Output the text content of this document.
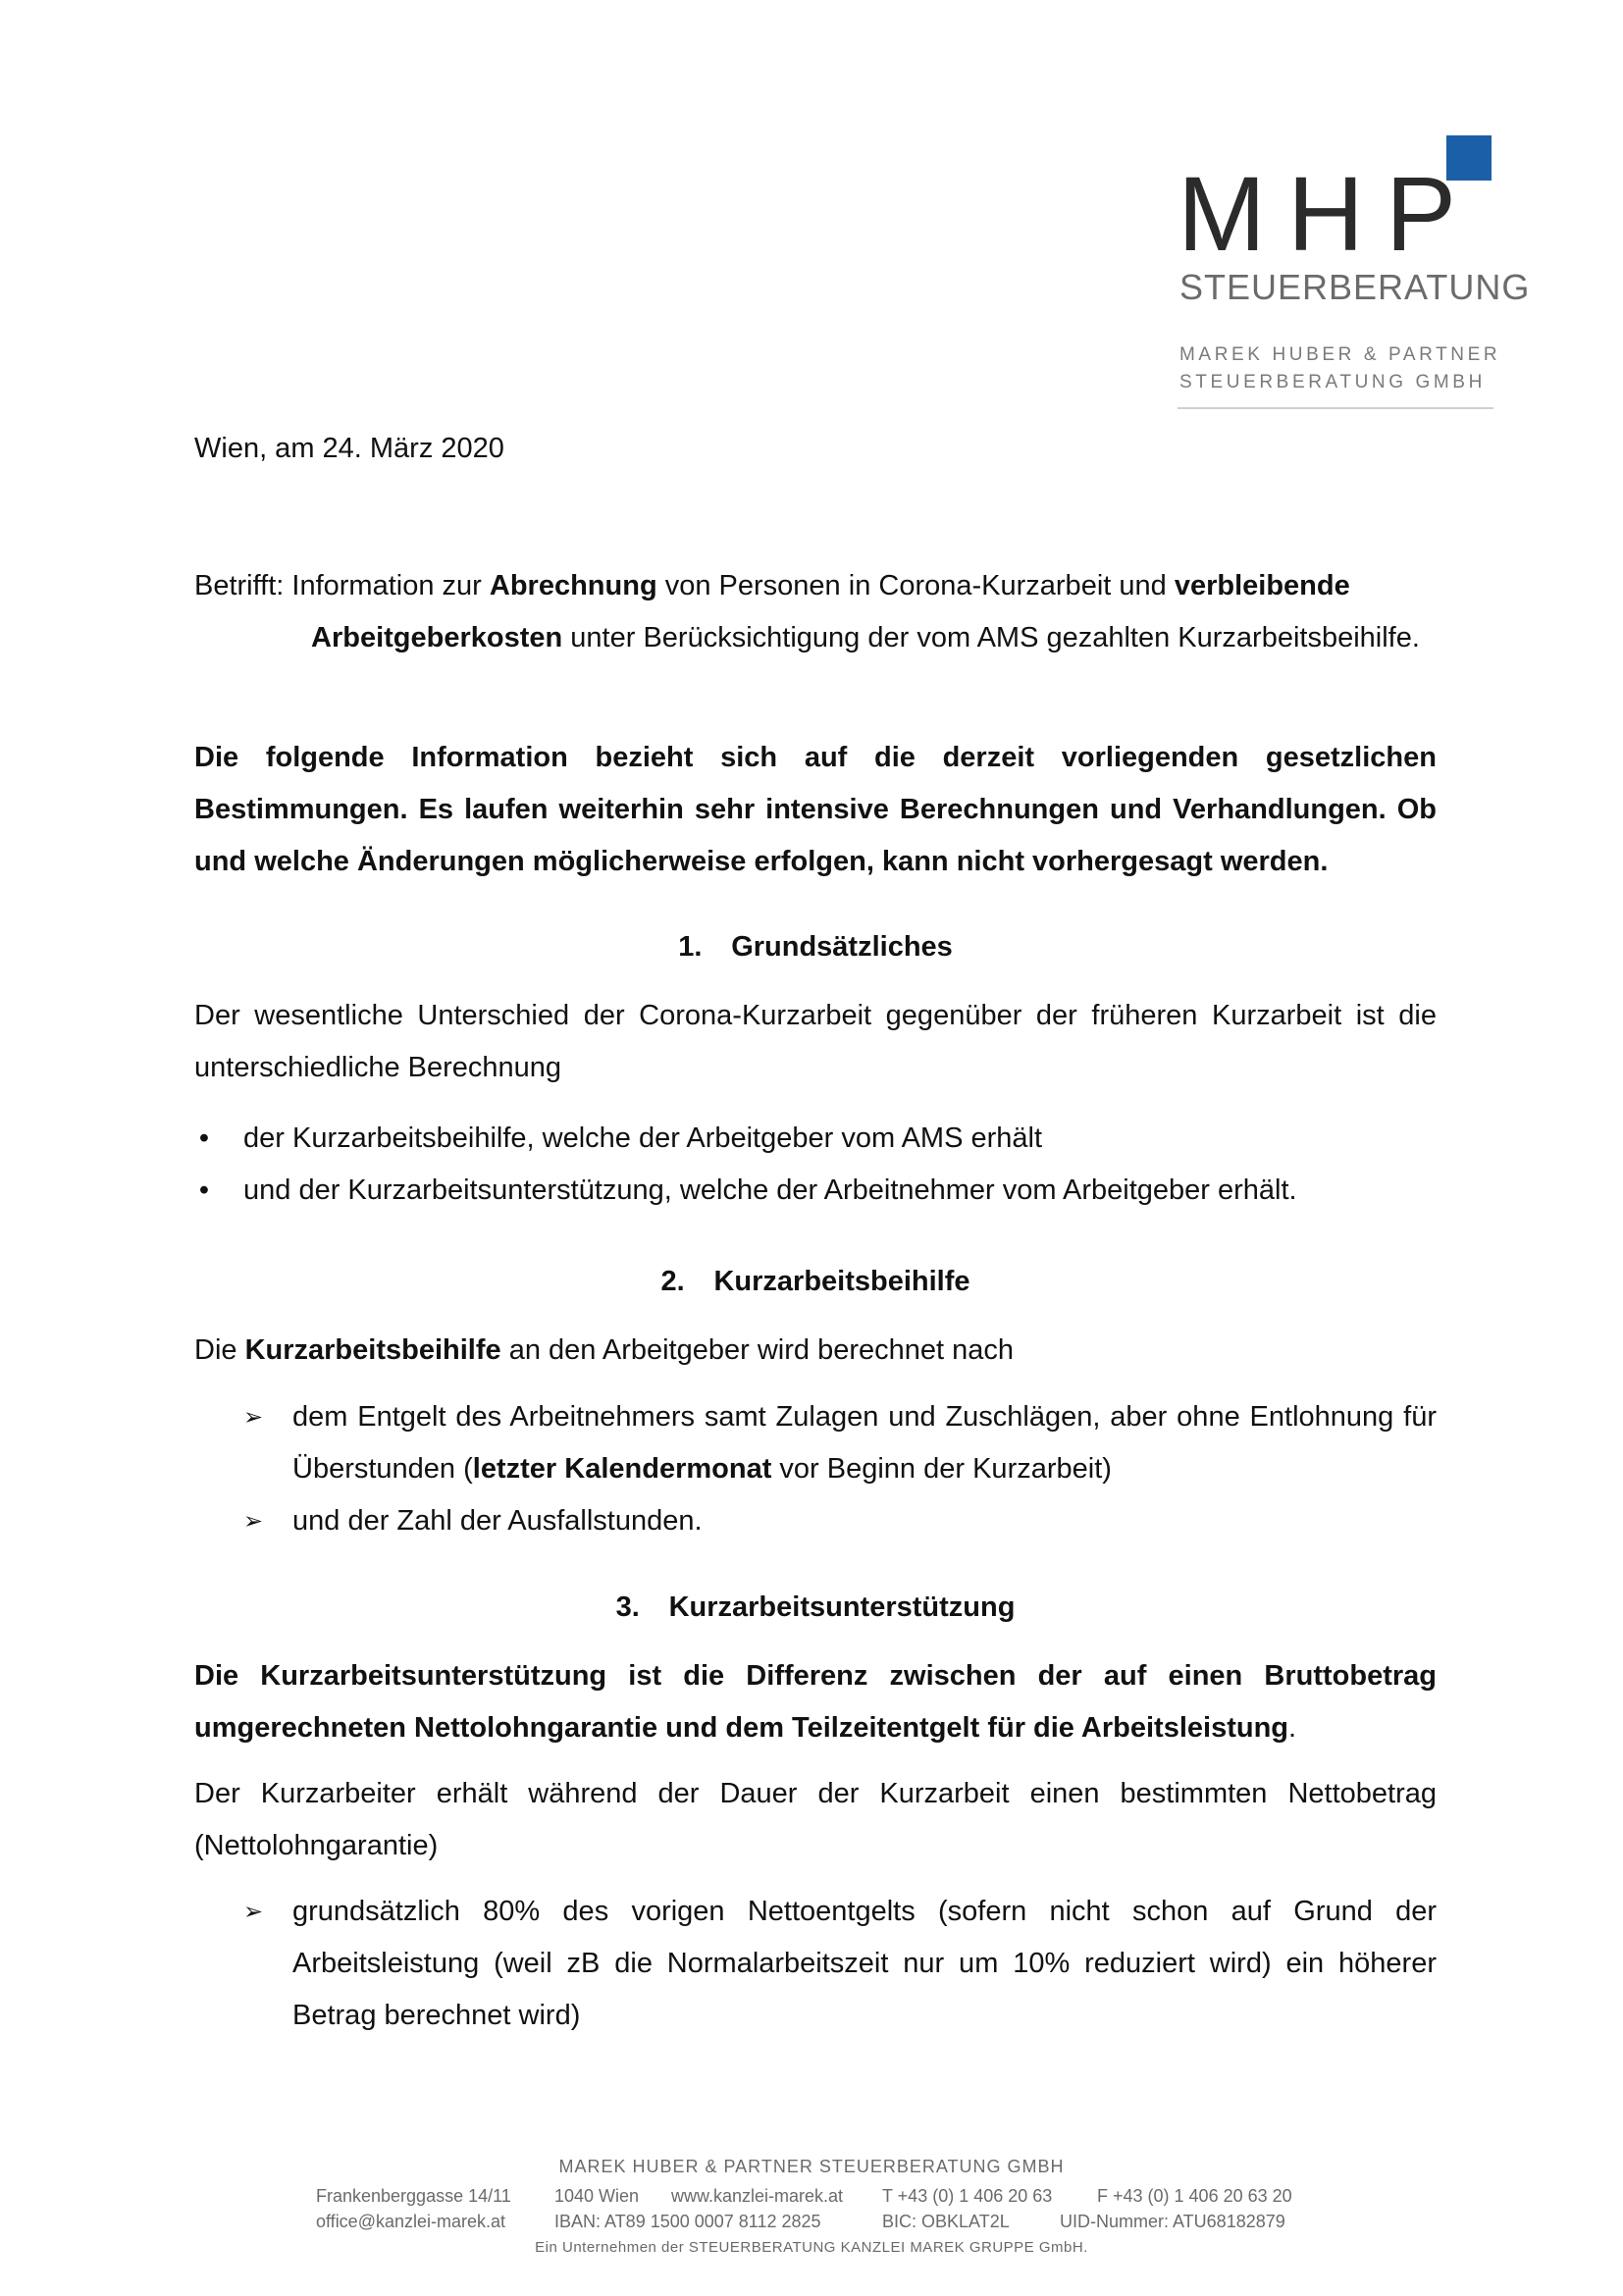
MHP
STEUERBERATUNG
MAREK HUBER & PARTNER
STEUERBERATUNG GMBH
Wien, am 24. März 2020
Betrifft: Information zur Abrechnung von Personen in Corona-Kurzarbeit und verbleibende
Arbeitgeberkosten unter Berücksichtigung der vom AMS gezahlten Kurzarbeitsbeihilfe.
Die folgende Information bezieht sich auf die derzeit vorliegenden gesetzlichen Bestimmungen. Es laufen weiterhin sehr intensive Berechnungen und Verhandlungen. Ob und welche Änderungen möglicherweise erfolgen, kann nicht vorhergesagt werden.
1. Grundsätzliches
Der wesentliche Unterschied der Corona-Kurzarbeit gegenüber der früheren Kurzarbeit ist die unterschiedliche Berechnung
• der Kurzarbeitsbeihilfe, welche der Arbeitgeber vom AMS erhält
• und der Kurzarbeitsunterstützung, welche der Arbeitnehmer vom Arbeitgeber erhält.
2. Kurzarbeitsbeihilfe
Die Kurzarbeitsbeihilfe an den Arbeitgeber wird berechnet nach
➢ dem Entgelt des Arbeitnehmers samt Zulagen und Zuschlägen, aber ohne Entlohnung für Überstunden (letzter Kalendermonat vor Beginn der Kurzarbeit)
➢ und der Zahl der Ausfallstunden.
3. Kurzarbeitsunterstützung
Die Kurzarbeitsunterstützung ist die Differenz zwischen der auf einen Bruttobetrag umgerechneten Nettolohngarantie und dem Teilzeitentgelt für die Arbeitsleistung.
Der Kurzarbeiter erhält während der Dauer der Kurzarbeit einen bestimmten Nettobetrag (Nettolohngarantie)
➢ grundsätzlich 80% des vorigen Nettoentgelts (sofern nicht schon auf Grund der Arbeitsleistung (weil zB die Normalarbeitszeit nur um 10% reduziert wird) ein höherer Betrag berechnet wird)
MAREK HUBER & PARTNER STEUERBERATUNG GMBH
Frankenberggasse 14/11
office@kanzlei-marek.at
1040 Wien www.kanzlei-marek.at
IBAN: AT89 1500 0007 8112 2825
T +43 (0) 1 406 20 63
BIC: OBKLAT2L
F +43 (0) 1 406 20 63 20
UID-Nummer: ATU68182879
Ein Unternehmen der STEUERBERATUNG KANZLEI MAREK GRUPPE GmbH.
